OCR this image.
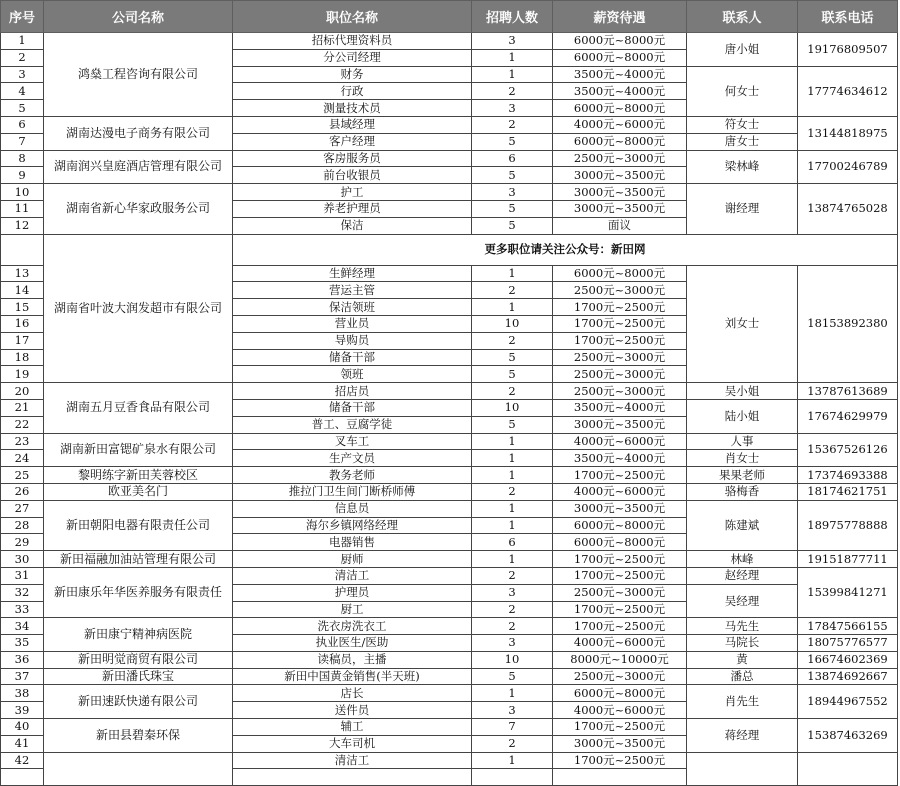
序号	公司名称	职位名称	招聘人数	薪资待遇	联系人	联系电话
1	鸿燊工程咨询有限公司	招标代理资料员	3	6000元~8000元	唐小姐	19176809507
2		分公司经理	1	6000元~8000元		
3		财务	1	3500元~4000元	何女士	17774634612
4		行政	2	3500元~4000元		
5		测量技术员	3	6000元~8000元		
6	湖南达漫电子商务有限公司	县域经理	2	4000元~6000元	符女士	13144818975
7		客户经理	5	6000元~8000元	唐女士	
8	湖南润兴皇庭酒店管理有限公司	客房服务员	6	2500元~3000元	梁林峰	17700246789
9		前台收银员	5	3000元~3500元		
10	湖南省新心华家政服务公司	护工	3	3000元~3500元	谢经理	13874765028
11		养老护理员	5	3000元~3500元		
12		保洁	5	面议		
	湖南省叶波大润发超市有限公司	更多职位请关注公众号：新田网				
13		生鲜经理	1	6000元~8000元	刘女士	18153892380
14		营运主管	2	2500元~3000元		
15		保洁领班	1	1700元~2500元		
16		营业员	10	1700元~2500元		
17		导购员	2	1700元~2500元		
18		储备干部	5	2500元~3000元		
19		领班	5	2500元~3000元		
20	湖南五月豆香食品有限公司	招店员	2	2500元~3000元	吴小姐	13787613689
21		储备干部	10	3500元~4000元	陆小姐	17674629979
22		普工、豆腐学徒	5	3000元~3500元		
23	湖南新田富锶矿泉水有限公司	叉车工	1	4000元~6000元	人事	15367526126
24		生产文员	1	3500元~4000元	肖女士	
25	黎明练字新田芙蓉校区	教务老师	1	1700元~2500元	果果老师	17374693388
26	欧亚美名门	推拉门卫生间门断桥师傅	2	4000元~6000元	骆梅香	18174621751
27	新田朝阳电器有限责任公司	信息员	1	3000元~3500元	陈建斌	18975778888
28		海尔乡镇网络经理	1	6000元~8000元		
29		电器销售	6	6000元~8000元		
30	新田福融加油站管理有限公司	厨师	1	1700元~2500元	林峰	19151877711
31	新田康乐年华医养服务有限责任	清洁工	2	1700元~2500元	赵经理	15399841271
32		护理员	3	2500元~3000元	吴经理	
33		厨工	2	1700元~2500元		
34	新田康宁精神病医院	洗衣房洗衣工	2	1700元~2500元	马先生	17847566155
35		执业医生/医助	3	4000元~6000元	马院长	18075776577
36	新田明觉商贸有限公司	读稿员，主播	10	8000元~10000元	黄	16674602369
37	新田潘氏珠宝	新田中国黄金销售(半天班)	5	2500元~3000元	潘总	13874692667
38	新田速跃快递有限公司	店长	1	6000元~8000元	肖先生	18944967552
39		送件员	3	4000元~6000元		
40	新田县碧秦环保	辅工	7	1700元~2500元	蒋经理	15387463269
41		大车司机	2	3000元~3500元		
42		清洁工	1	1700元~2500元		
